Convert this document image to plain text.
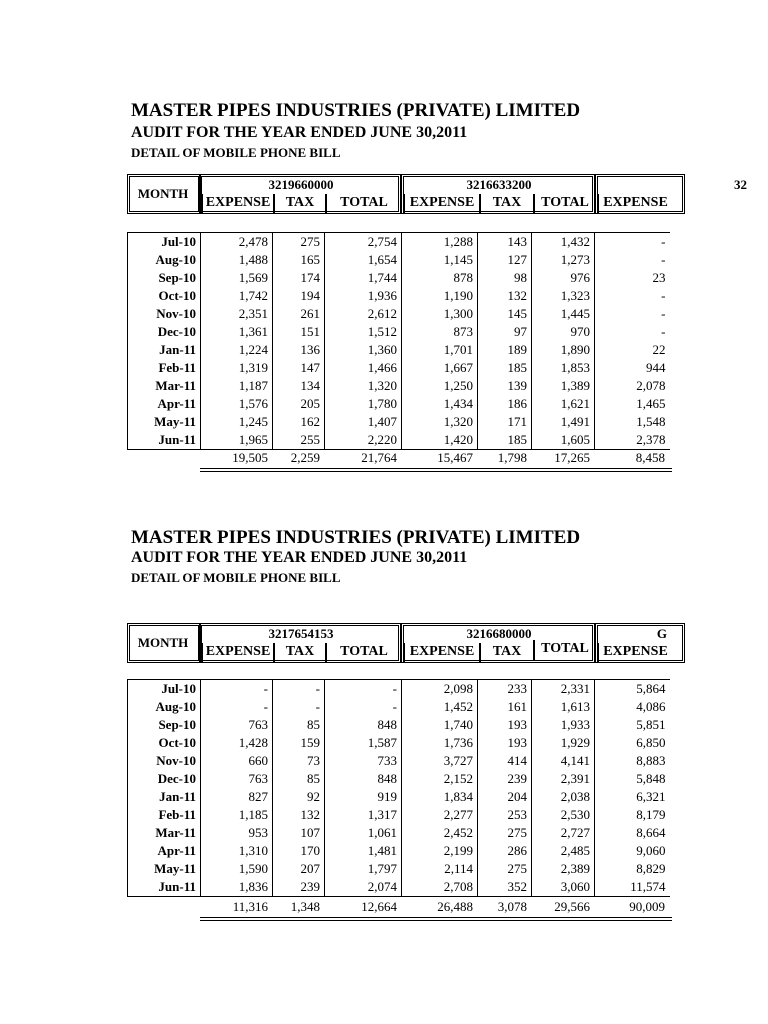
MASTER PIPES INDUSTRIES (PRIVATE) LIMITED
AUDIT FOR THE YEAR ENDED JUNE 30,2011
DETAIL OF MOBILE PHONE BILL
MONTH
3219660000	3216633200	32
EXPENSE	TAX	TOTAL	EXPENSE	TAX	TOTAL	EXPENSE
Jul-10	2,478	275	2,754	1,288	143	1,432	-
Aug-10	1,488	165	1,654	1,145	127	1,273	-
Sep-10	1,569	174	1,744	878	98	976	23
Oct-10	1,742	194	1,936	1,190	132	1,323	-
Nov-10	2,351	261	2,612	1,300	145	1,445	-
Dec-10	1,361	151	1,512	873	97	970	-
Jan-11	1,224	136	1,360	1,701	189	1,890	22
Feb-11	1,319	147	1,466	1,667	185	1,853	944
Mar-11	1,187	134	1,320	1,250	139	1,389	2,078
Apr-11	1,576	205	1,780	1,434	186	1,621	1,465
May-11	1,245	162	1,407	1,320	171	1,491	1,548
Jun-11	1,965	255	2,220	1,420	185	1,605	2,378
19,505	2,259	21,764	15,467	1,798	17,265	8,458
MASTER PIPES INDUSTRIES (PRIVATE) LIMITED
AUDIT FOR THE YEAR ENDED JUNE 30,2011
DETAIL OF MOBILE PHONE BILL
MONTH
3217654153	3216680000	G
EXPENSE	TAX	TOTAL	EXPENSE	TAX	TOTAL	EXPENSE
Jul-10	-	-	-	2,098	233	2,331	5,864
Aug-10	-	-	-	1,452	161	1,613	4,086
Sep-10	763	85	848	1,740	193	1,933	5,851
Oct-10	1,428	159	1,587	1,736	193	1,929	6,850
Nov-10	660	73	733	3,727	414	4,141	8,883
Dec-10	763	85	848	2,152	239	2,391	5,848
Jan-11	827	92	919	1,834	204	2,038	6,321
Feb-11	1,185	132	1,317	2,277	253	2,530	8,179
Mar-11	953	107	1,061	2,452	275	2,727	8,664
Apr-11	1,310	170	1,481	2,199	286	2,485	9,060
May-11	1,590	207	1,797	2,114	275	2,389	8,829
Jun-11	1,836	239	2,074	2,708	352	3,060	11,574
11,316	1,348	12,664	26,488	3,078	29,566	90,009
